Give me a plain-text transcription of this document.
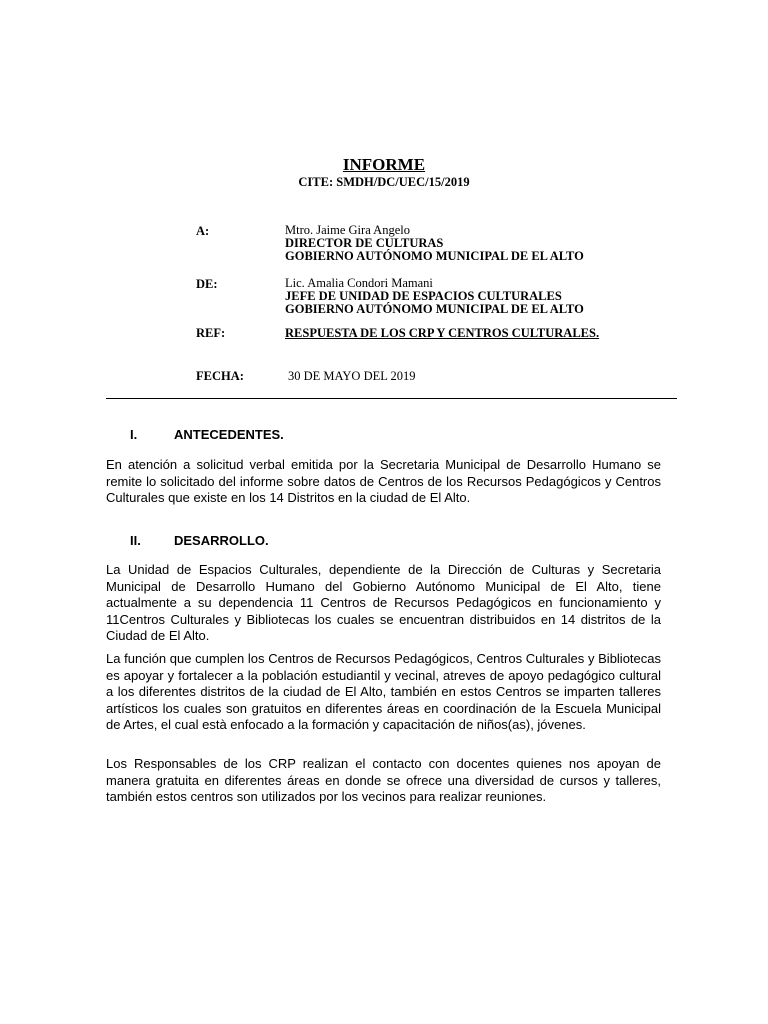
INFORME
CITE: SMDH/DC/UEC/15/2019
A:	Mtro. Jaime Gira Angelo
DIRECTOR DE CULTURAS
GOBIERNO AUTÓNOMO MUNICIPAL DE EL ALTO
DE:	Lic. Amalia Condori Mamani
JEFE DE UNIDAD DE ESPACIOS CULTURALES
GOBIERNO AUTÓNOMO MUNICIPAL DE EL ALTO
REF:	RESPUESTA DE LOS CRP Y CENTROS CULTURALES.
FECHA:	30 DE MAYO DEL 2019
I.	ANTECEDENTES.

En atención a solicitud verbal emitida por la Secretaria Municipal de Desarrollo Humano se remite lo solicitado del informe sobre datos de Centros de los Recursos Pedagógicos y Centros Culturales que existe en los 14 Distritos en la ciudad de El Alto.

II.	DESARROLLO.

La Unidad de Espacios Culturales, dependiente de la Dirección de Culturas y Secretaria Municipal de Desarrollo Humano del Gobierno Autónomo Municipal de El Alto, tiene actualmente a su dependencia 11 Centros de Recursos Pedagógicos en funcionamiento y 11Centros Culturales y Bibliotecas los cuales se encuentran distribuidos en 14 distritos de la Ciudad de El Alto.

La función que cumplen los Centros de Recursos Pedagógicos, Centros Culturales y Bibliotecas es apoyar y fortalecer a la población estudiantil y vecinal, atreves de apoyo pedagógico cultural a los diferentes distritos de la ciudad de El Alto, también en estos Centros se imparten talleres artísticos los cuales son gratuitos en diferentes áreas en coordinación de la Escuela Municipal de Artes, el cual està enfocado a la formación y capacitación de niños(as), jóvenes.

Los Responsables de los CRP realizan el contacto con docentes quienes nos apoyan de manera gratuita en diferentes áreas en donde se ofrece una diversidad de cursos y talleres, también estos centros son utilizados por los vecinos para realizar reuniones.
